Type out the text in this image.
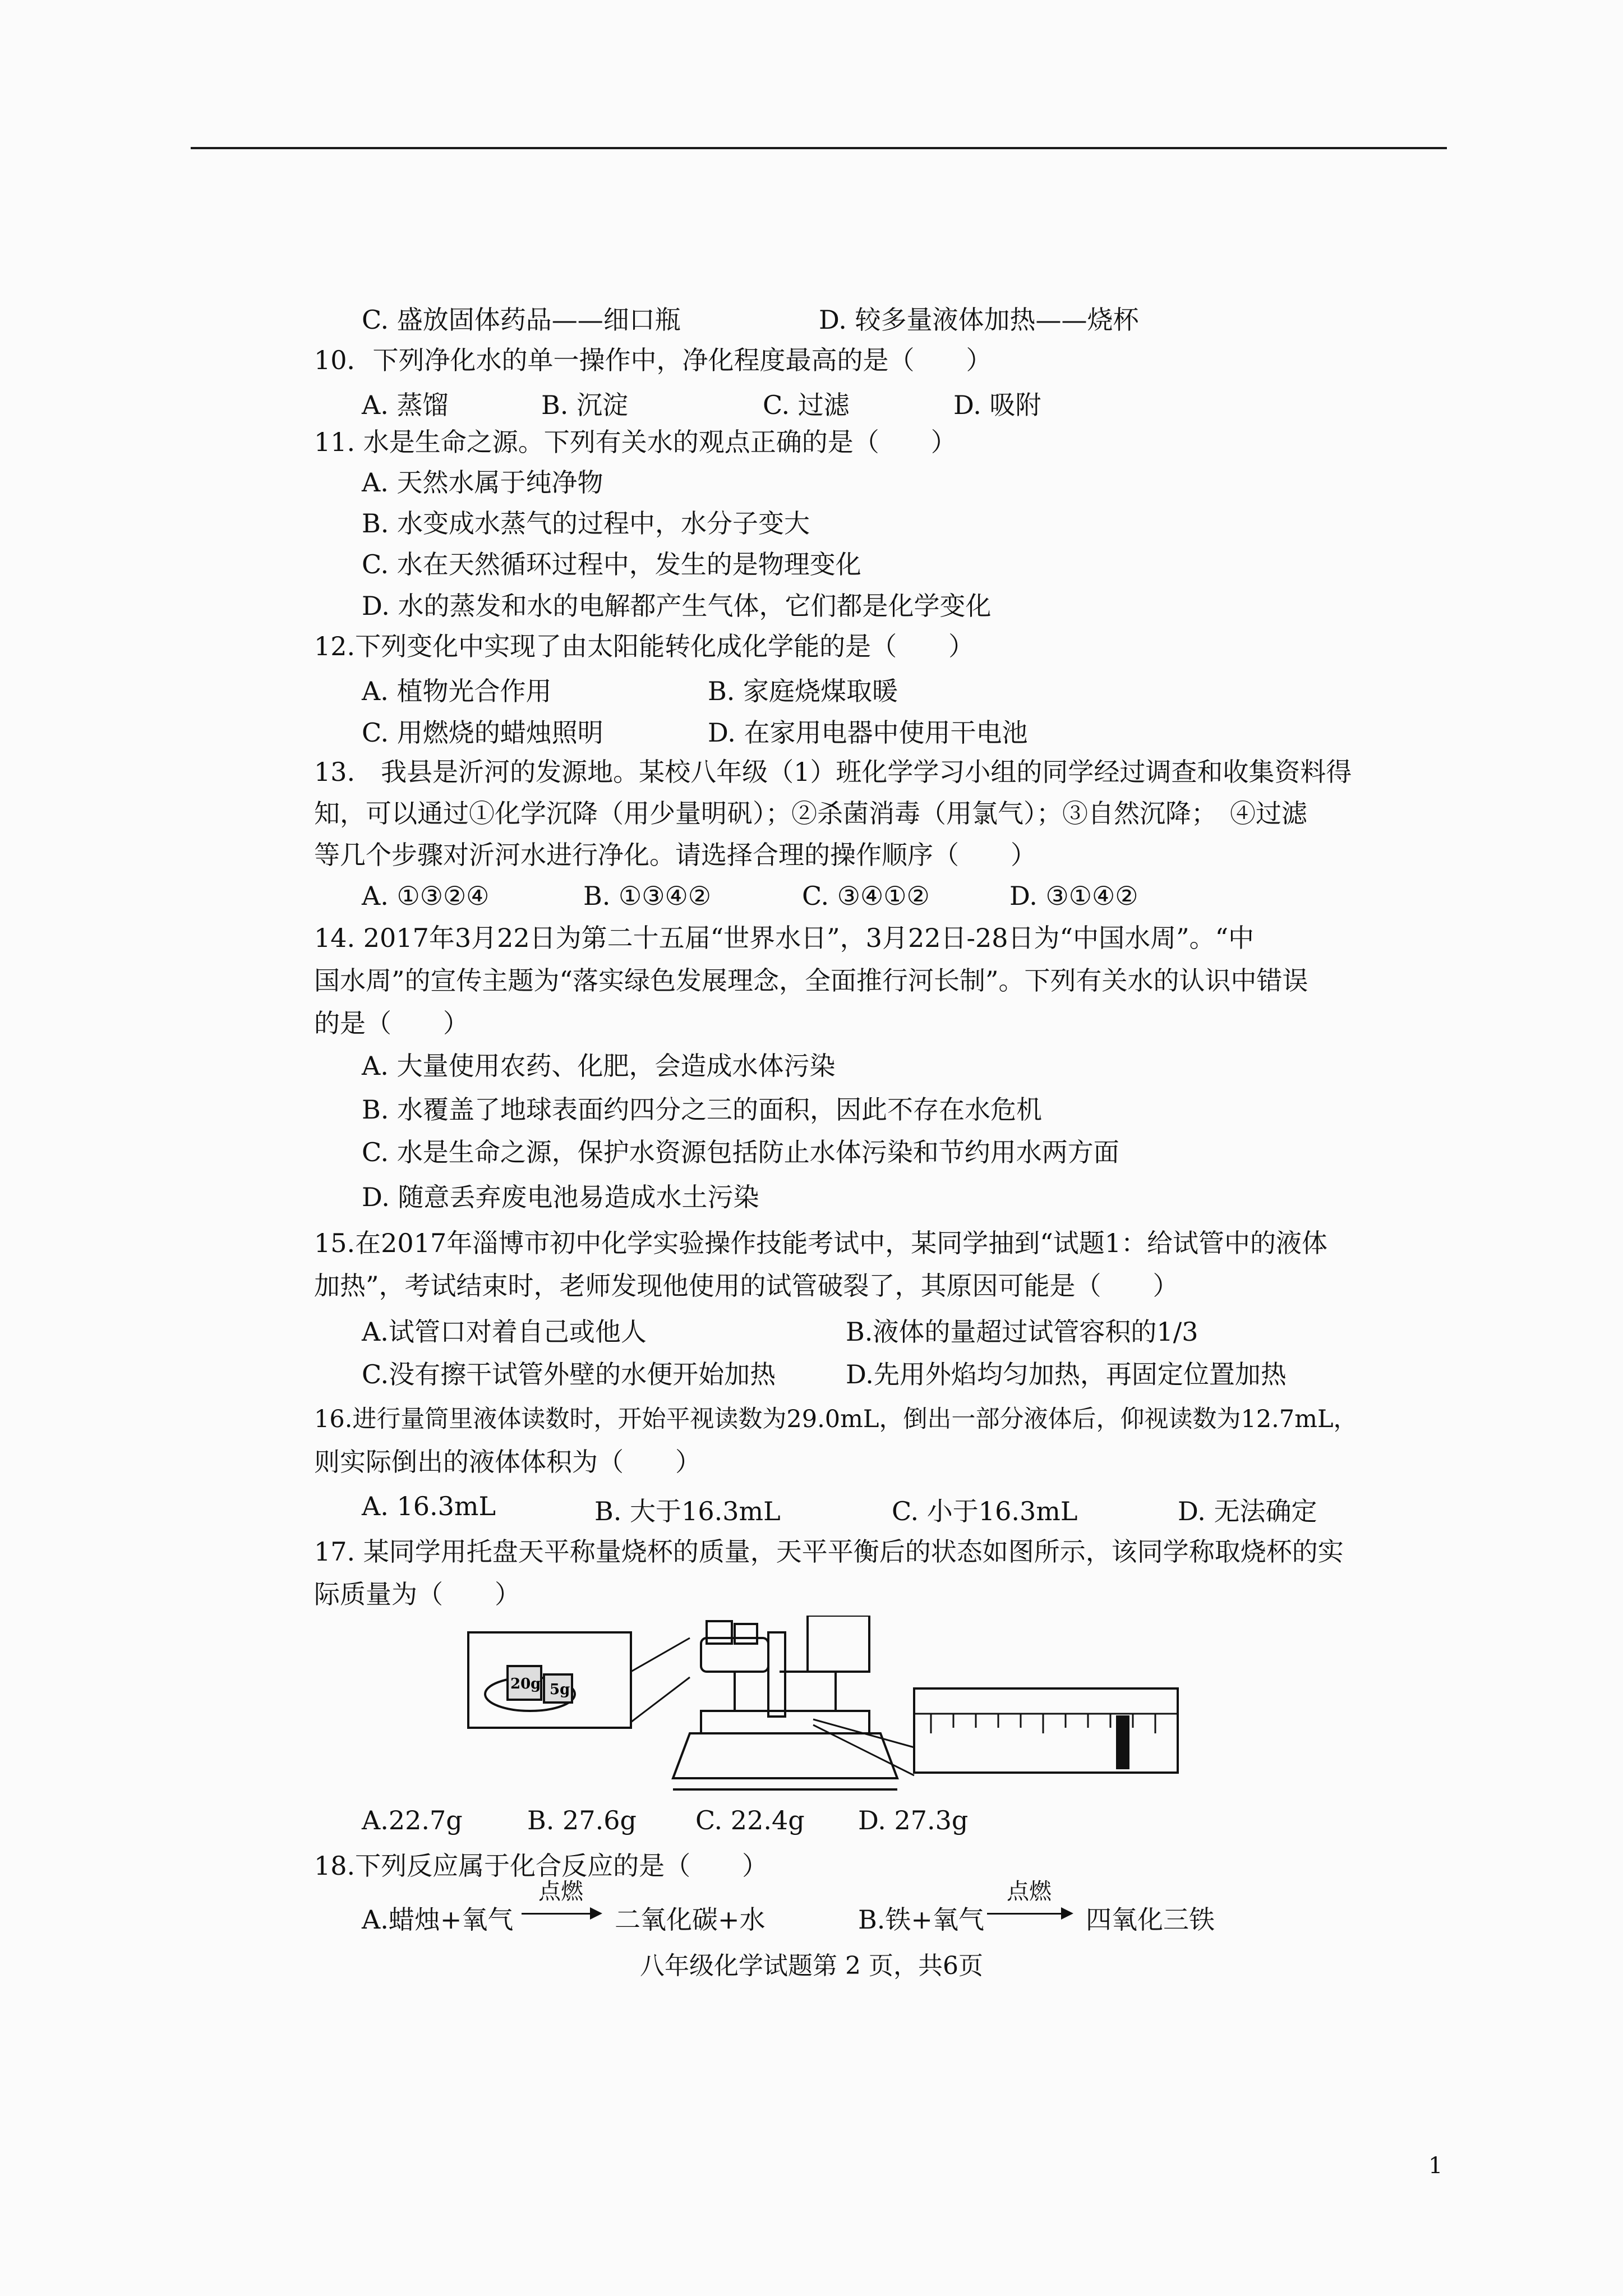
C. 盛放固体药品——细口瓶	D. 较多量液体加热——烧杯
10．下列净化水的单一操作中，净化程度最高的是（　　）
A. 蒸馏	B. 沉淀	C. 过滤	D. 吸附
11. 水是生命之源。下列有关水的观点正确的是（　　）
A. 天然水属于纯净物
B. 水变成水蒸气的过程中，水分子变大
C. 水在天然循环过程中，发生的是物理变化
D. 水的蒸发和水的电解都产生气体，它们都是化学变化
12.下列变化中实现了由太阳能转化成化学能的是（　　）
A. 植物光合作用	B. 家庭烧煤取暖
C. 用燃烧的蜡烛照明	D. 在家用电器中使用干电池
13.　我县是沂河的发源地。某校八年级（1）班化学学习小组的同学经过调查和收集资料得
知，可以通过①化学沉降（用少量明矾）；②杀菌消毒（用氯气）；③自然沉降；　④过滤
等几个步骤对沂河水进行净化。请选择合理的操作顺序（　　）
A. ①③②④	B. ①③④②	C. ③④①②	D. ③①④②
14. 2017年3月22日为第二十五届“世界水日”，3月22日-28日为“中国水周”。“中
国水周”的宣传主题为“落实绿色发展理念，全面推行河长制”。下列有关水的认识中错误
的是（　　）
A. 大量使用农药、化肥，会造成水体污染
B. 水覆盖了地球表面约四分之三的面积，因此不存在水危机
C. 水是生命之源，保护水资源包括防止水体污染和节约用水两方面
D. 随意丢弃废电池易造成水土污染
15.在2017年淄博市初中化学实验操作技能考试中，某同学抽到“试题1：给试管中的液体
加热”，考试结束时，老师发现他使用的试管破裂了，其原因可能是（　　）
A.试管口对着自己或他人	B.液体的量超过试管容积的1/3
C.没有擦干试管外壁的水便开始加热	D.先用外焰均匀加热，再固定位置加热
16.进行量筒里液体读数时，开始平视读数为29.0mL，倒出一部分液体后，仰视读数为12.7mL，
则实际倒出的液体体积为（　　）
A. 16.3mL	B. 大于16.3mL	C. 小于16.3mL	D. 无法确定
17. 某同学用托盘天平称量烧杯的质量，天平平衡后的状态如图所示，该同学称取烧杯的实
际质量为（　　）
20g 5g
A.22.7g	B. 27.6g C. 22.4g D. 27.3g
18.下列反应属于化合反应的是（　　）
A.蜡烛+氧气
点燃
二氧化碳+水	B.铁+氧气
点燃
四氧化三铁
八年级化学试题第 2 页，共6页
1
